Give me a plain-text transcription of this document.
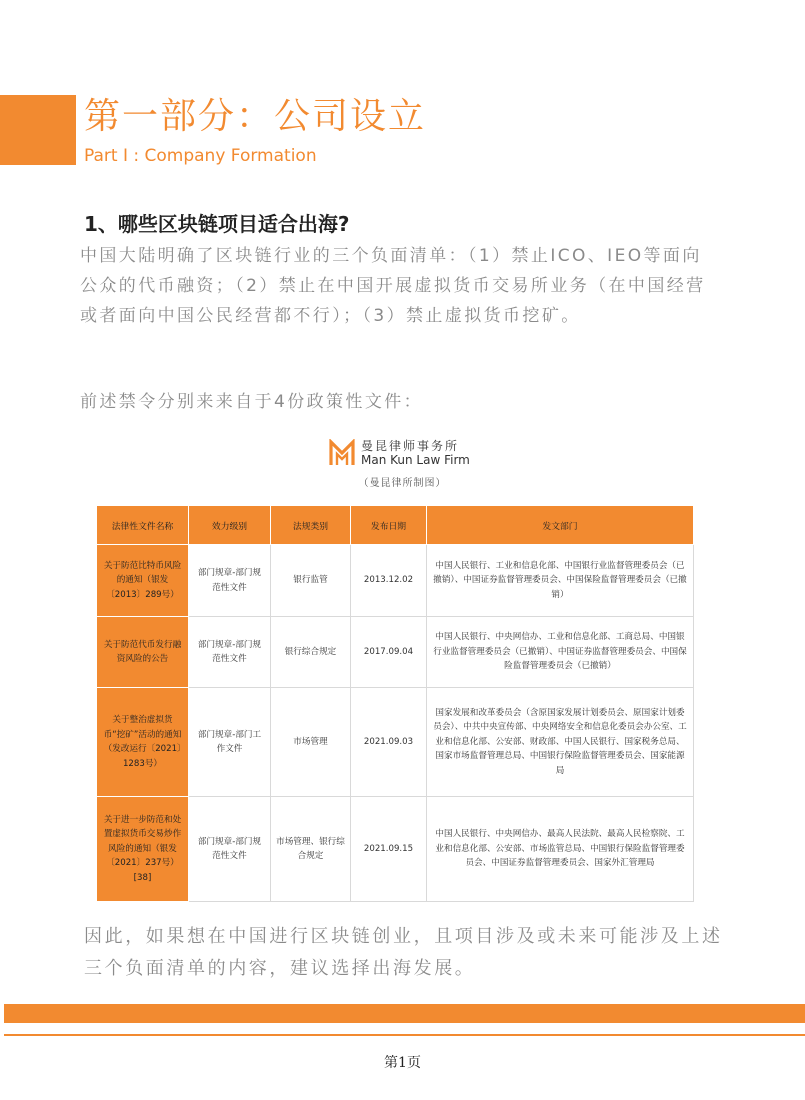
第一部分：公司设立
Part I : Company Formation
1、哪些区块链项目适合出海?
中国大陆明确了区块链行业的三个负面清单：（1）禁止ICO、IEO等面向公众的代币融资；（2）禁止在中国开展虚拟货币交易所业务（在中国经营或者面向中国公民经营都不行）；（3）禁止虚拟货币挖矿。
前述禁令分别来来自于4份政策性文件：
曼昆律师事务所
Man Kun Law Firm
（曼昆律所制图）
法律性文件名称	效力级别	法规类别	发布日期	发文部门
关于防范比特币风险的通知（银发〔2013〕289号）	部门规章-部门规范性文件	银行监管	2013.12.02	中国人民银行、工业和信息化部、中国银行业监督管理委员会（已撤销）、中国证券监督管理委员会、中国保险监督管理委员会（已撤销）
关于防范代币发行融资风险的公告	部门规章-部门规范性文件	银行综合规定	2017.09.04	中国人民银行、中央网信办、工业和信息化部、工商总局、中国银行业监督管理委员会（已撤销）、中国证券监督管理委员会、中国保险监督管理委员会（已撤销）
关于整治虚拟货币“挖矿”活动的通知（发改运行〔2021〕1283号）	部门规章-部门工作文件	市场管理	2021.09.03	国家发展和改革委员会（含原国家发展计划委员会、原国家计划委员会）、中共中央宣传部、中央网络安全和信息化委员会办公室、工业和信息化部、公安部、财政部、中国人民银行、国家税务总局、国家市场监督管理总局、中国银行保险监督管理委员会、国家能源局
关于进一步防范和处置虚拟货币交易炒作风险的通知（银发〔2021〕237号）[38]	部门规章-部门规范性文件	市场管理、银行综合规定	2021.09.15	中国人民银行、中央网信办、最高人民法院、最高人民检察院、工业和信息化部、公安部、市场监管总局、中国银行保险监督管理委员会、中国证券监督管理委员会、国家外汇管理局
因此，如果想在中国进行区块链创业，且项目涉及或未来可能涉及上述三个负面清单的内容，建议选择出海发展。
第1页
